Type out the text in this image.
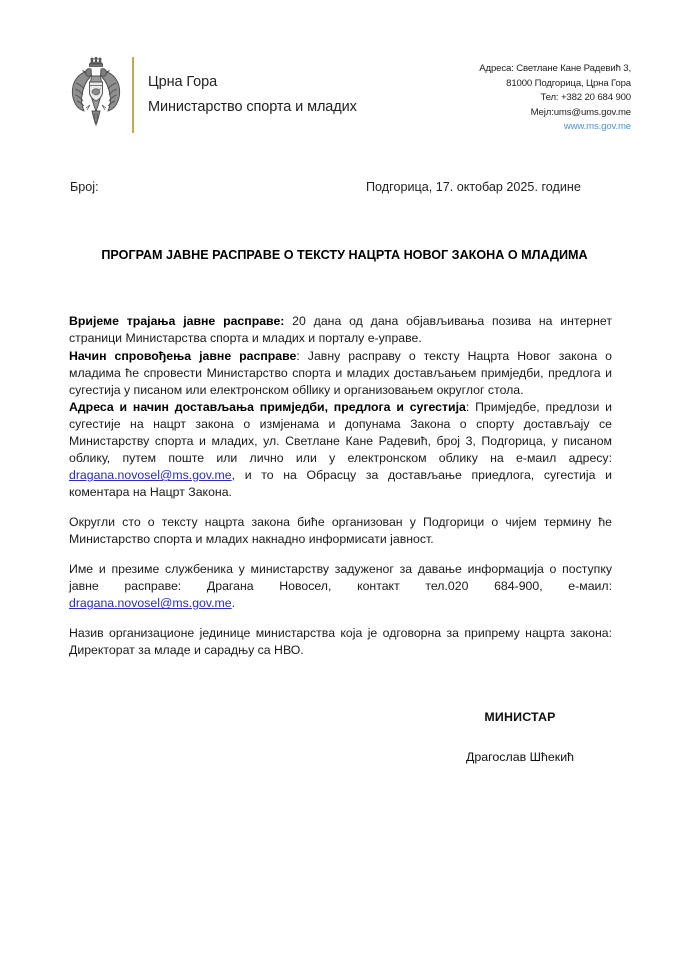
Црна Гора
Министарство спорта и младих
Адреса: Светлане Кане Радевић 3,
81000 Подгорица, Црна Гора
Тел: +382 20 684 900
Мејл:ums@ums.gov.me
www.ms.gov.me
Број:	Подгорица, 17. октобар 2025. године
ПРОГРАМ ЈАВНЕ РАСПРАВЕ О ТЕКСТУ НАЦРТА НОВОГ ЗАКОНА О МЛАДИМА

Вријеме трајања јавне расправе: 20 дана од дана објављивања позива на интернет страници Министарства спорта и младих и порталу е-управе.

Начин спровођења јавне расправе: Јавну расправу о тексту Нацрта Новог закона о младима ће спровести Министарство спорта и младих достављањем примједби, предлога и сугестија у писаном или електронском обllику и организовањем округлог стола.

Адреса и начин достављања примједби, предлога и сугестија: Примједбе, предлози и сугестије на нацрт закона о измјенама и допунама Закона о спорту достављају се Министарству спорта и младих, ул. Светлане Кане Радевић, број 3, Подгорица, у писаном облику, путем поште или лично или у електронском облику на е-маил адресу: dragana.novosel@ms.gov.me, и то на Обрасцу за достављање приедлога, сугестија и коментара на Нацрт Закона.

Округли сто о тексту нацрта закона биће организован у Подгорици о чијем термину ће Министарство спорта и младих накнадно информисати јавност.

Име и презиме службеника у министарству задуженог за давање информација о поступку јавне расправе: Драгана Новосел, контакт тел.020 684-900, е-маил: dragana.novosel@ms.gov.me.

Назив организационе јединице министарства која је одговорна за припрему нацрта закона: Директорат за младе и сарадњу са НВО.

МИНИСТАР
Драгослав Шћекић
